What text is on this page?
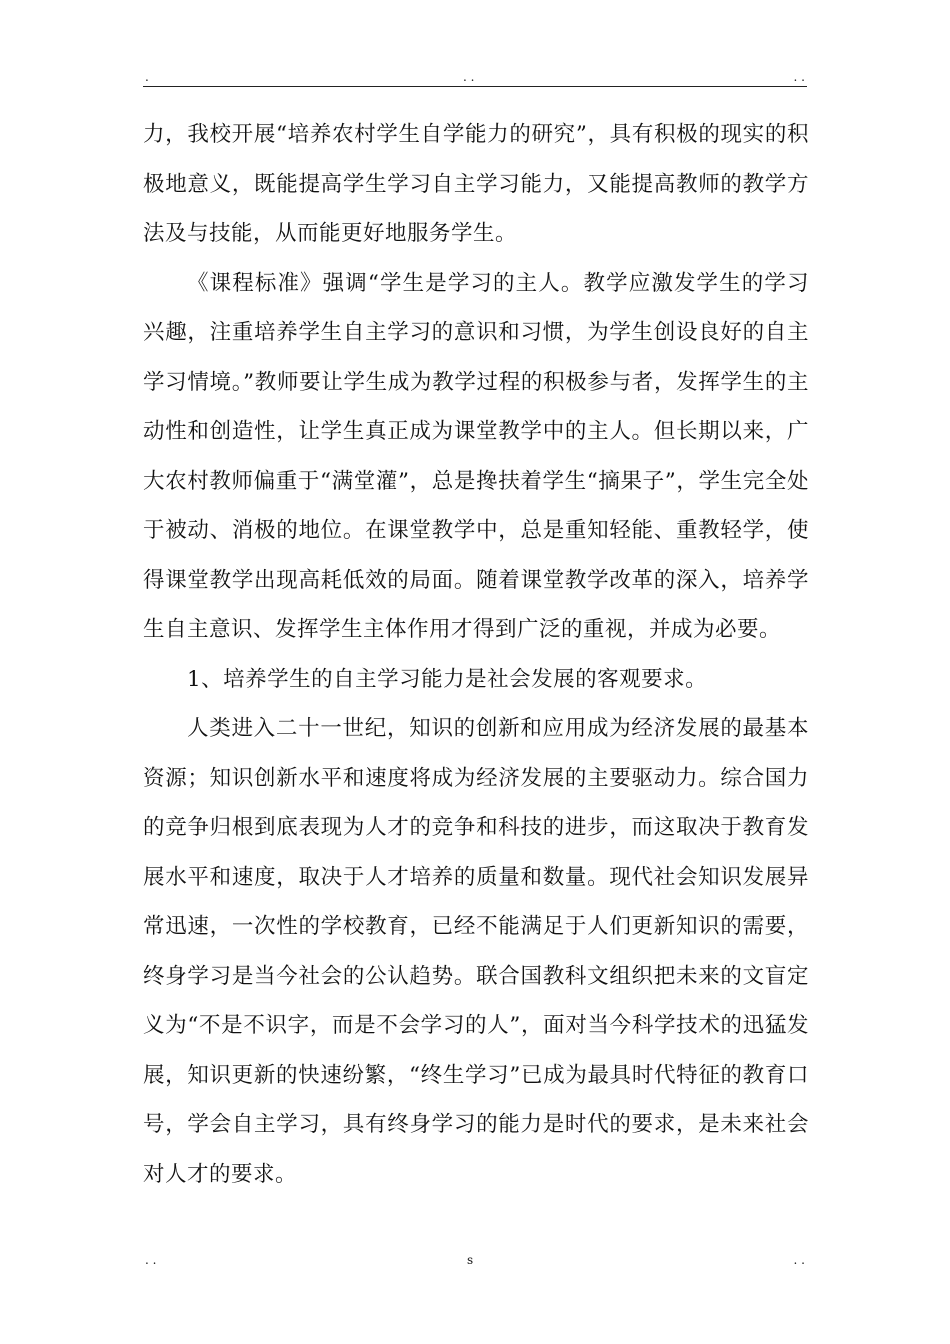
.	. .	. .

力，我校开展“培养农村学生自学能力的研究”，具有积极的现实的积极地意义，既能提高学生学习自主学习能力，又能提高教师的教学方法及与技能，从而能更好地服务学生。

《课程标准》强调“学生是学习的主人。教学应激发学生的学习兴趣，注重培养学生自主学习的意识和习惯，为学生创设良好的自主学习情境。”教师要让学生成为教学过程的积极参与者，发挥学生的主动性和创造性，让学生真正成为课堂教学中的主人。但长期以来，广大农村教师偏重于“满堂灌”，总是搀扶着学生“摘果子”，学生完全处于被动、消极的地位。在课堂教学中，总是重知轻能、重教轻学，使得课堂教学出现高耗低效的局面。随着课堂教学改革的深入，培养学生自主意识、发挥学生主体作用才得到广泛的重视，并成为必要。

1、培养学生的自主学习能力是社会发展的客观要求。

人类进入二十一世纪，知识的创新和应用成为经济发展的最基本资源；知识创新水平和速度将成为经济发展的主要驱动力。综合国力的竞争归根到底表现为人才的竞争和科技的进步，而这取决于教育发展水平和速度，取决于人才培养的质量和数量。现代社会知识发展异常迅速，一次性的学校教育，已经不能满足于人们更新知识的需要，终身学习是当今社会的公认趋势。联合国教科文组织把未来的文盲定义为“不是不识字，而是不会学习的人”，面对当今科学技术的迅猛发展，知识更新的快速纷繁，“终生学习”已成为最具时代特征的教育口号，学会自主学习，具有终身学习的能力是时代的要求，是未来社会对人才的要求。

. .	s	. .
